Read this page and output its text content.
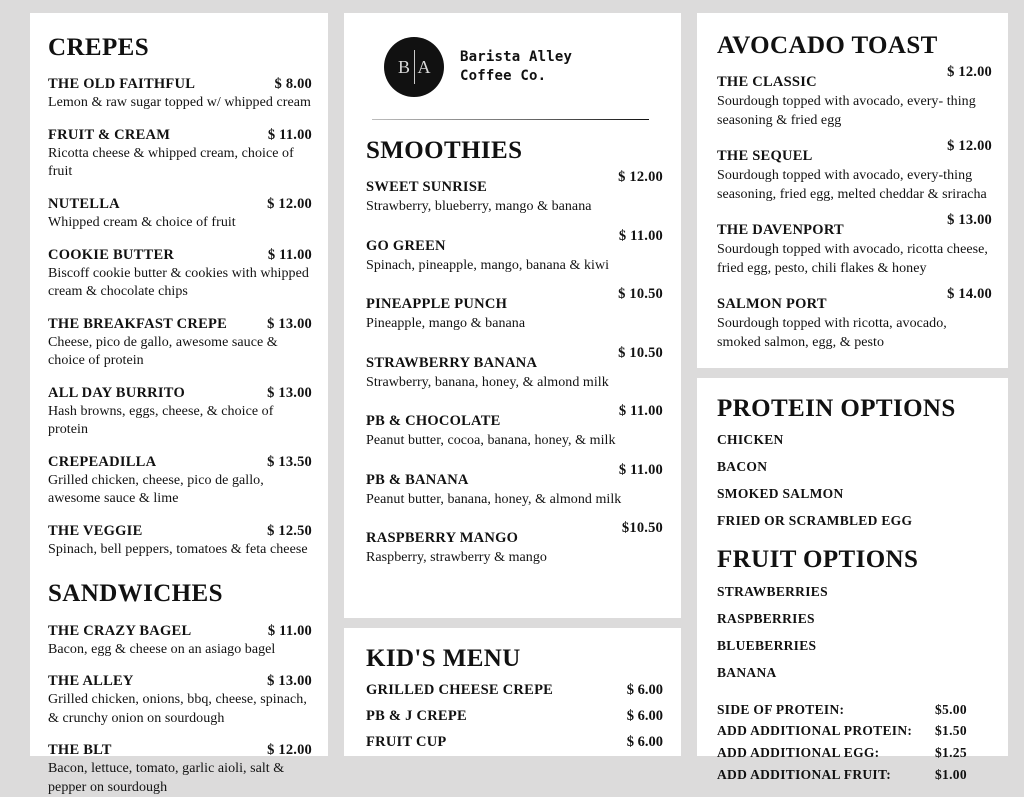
CREPES
THE OLD FAITHFUL	$ 8.00
Lemon & raw sugar topped w/ whipped cream
FRUIT & CREAM	$ 11.00
Ricotta cheese & whipped cream, choice of fruit
NUTELLA	$ 12.00
Whipped cream & choice of fruit
COOKIE BUTTER	$ 11.00
Biscoff cookie butter & cookies with whipped cream & chocolate chips
THE BREAKFAST CREPE	$ 13.00
Cheese, pico de gallo, awesome sauce & choice of protein
ALL DAY BURRITO	$ 13.00
Hash browns, eggs, cheese, & choice of protein
CREPEADILLA	$ 13.50
Grilled chicken, cheese, pico de gallo, awesome sauce & lime
THE VEGGIE	$ 12.50
Spinach, bell peppers, tomatoes & feta cheese
SANDWICHES
THE CRAZY BAGEL	$ 11.00
Bacon, egg & cheese on an asiago bagel
THE ALLEY	$ 13.00
Grilled chicken, onions, bbq, cheese, spinach, & crunchy onion on sourdough
THE BLT	$ 12.00
Bacon, lettuce, tomato, garlic aioli, salt & pepper on sourdough
B A Barista Alley
Coffee Co.
SMOOTHIES
SWEET SUNRISE
$ 12.00
Strawberry, blueberry, mango & banana
GO GREEN
$ 11.00
Spinach, pineapple, mango, banana & kiwi
PINEAPPLE PUNCH
$ 10.50
Pineapple, mango & banana
STRAWBERRY BANANA
$ 10.50
Strawberry, banana, honey, & almond milk
PB & CHOCOLATE
$ 11.00
Peanut butter, cocoa, banana, honey, & milk
PB & BANANA
$ 11.00
Peanut butter, banana, honey, & almond milk
RASPBERRY MANGO
$10.50
Raspberry, strawberry & mango
KID'S MENU
GRILLED CHEESE CREPE	$ 6.00
PB & J CREPE	$ 6.00
FRUIT CUP	$ 6.00
AVOCADO TOAST
THE CLASSIC
$ 12.00
Sourdough topped with avocado, every- thing seasoning & fried egg
THE SEQUEL
$ 12.00
Sourdough topped with avocado, every-thing seasoning, fried egg, melted cheddar & sriracha
THE DAVENPORT
$ 13.00
Sourdough topped with avocado, ricotta cheese, fried egg, pesto, chili flakes & honey
SALMON PORT
$ 14.00
Sourdough topped with ricotta, avocado, smoked salmon, egg, & pesto
PROTEIN OPTIONS
CHICKEN
BACON
SMOKED SALMON
FRIED OR SCRAMBLED EGG
FRUIT OPTIONS
STRAWBERRIES
RASPBERRIES
BLUEBERRIES
BANANA
SIDE OF PROTEIN:	$5.00
ADD ADDITIONAL PROTEIN:	$1.50
ADD ADDITIONAL EGG:	$1.25
ADD ADDITIONAL FRUIT:	$1.00
